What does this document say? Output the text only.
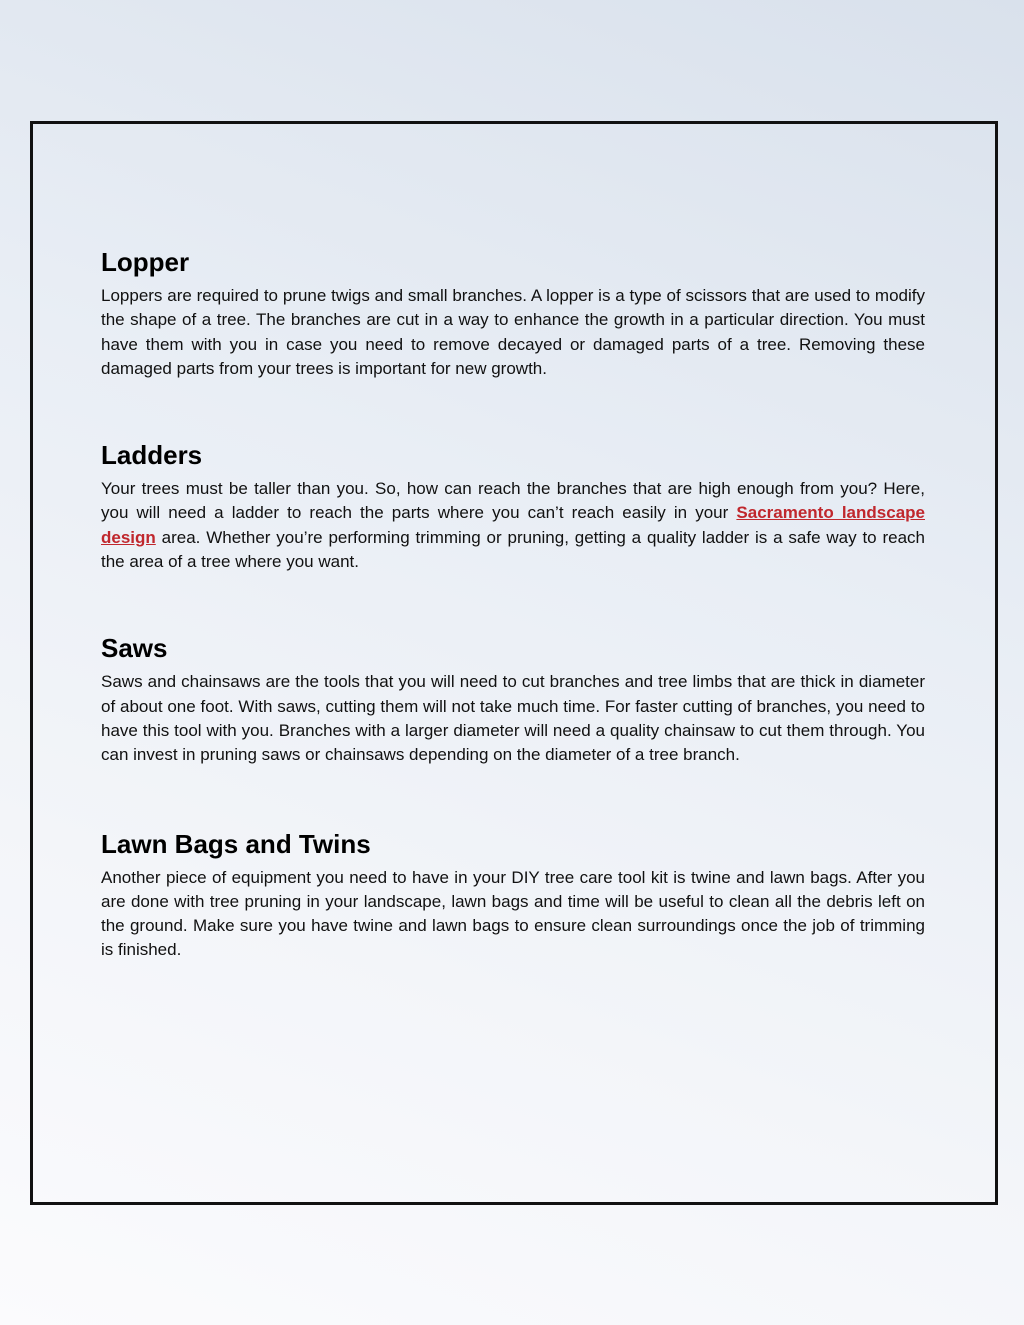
Lopper

Loppers are required to prune twigs and small branches. A lopper is a type of scissors that are used to modify the shape of a tree. The branches are cut in a way to enhance the growth in a particular direction. You must have them with you in case you need to remove decayed or damaged parts of a tree. Removing these damaged parts from your trees is important for new growth.

Ladders

Your trees must be taller than you. So, how can reach the branches that are high enough from you? Here, you will need a ladder to reach the parts where you can’t reach easily in your Sacramento landscape design area. Whether you’re performing trimming or pruning, getting a quality ladder is a safe way to reach the area of a tree where you want.

Saws

Saws and chainsaws are the tools that you will need to cut branches and tree limbs that are thick in diameter of about one foot. With saws, cutting them will not take much time. For faster cutting of branches, you need to have this tool with you. Branches with a larger diameter will need a quality chainsaw to cut them through. You can invest in pruning saws or chainsaws depending on the diameter of a tree branch.

Lawn Bags and Twins

Another piece of equipment you need to have in your DIY tree care tool kit is twine and lawn bags. After you are done with tree pruning in your landscape, lawn bags and time will be useful to clean all the debris left on the ground. Make sure you have twine and lawn bags to ensure clean surroundings once the job of trimming is finished.
